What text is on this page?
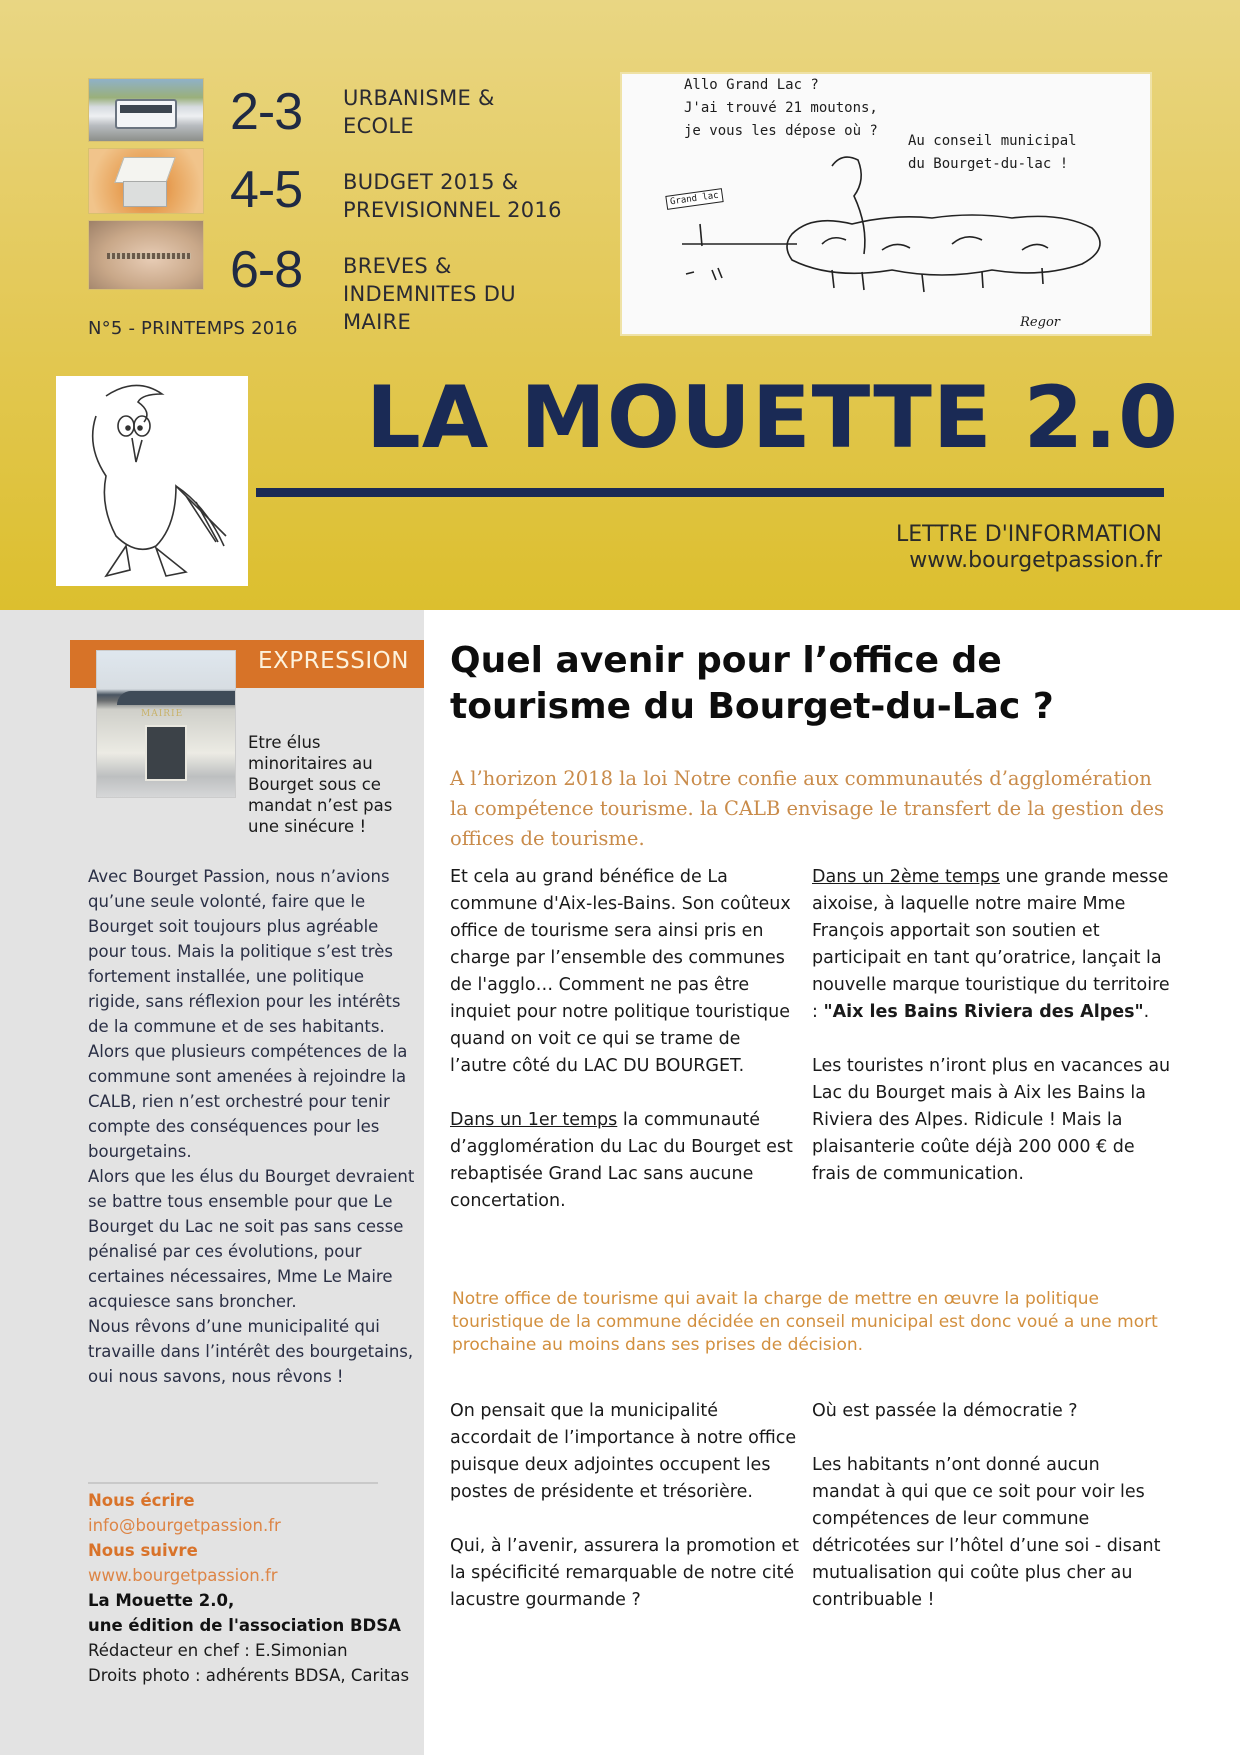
2-3 URBANISME &
ECOLE
4-5 BUDGET 2015 &
PREVISIONNEL 2016
6-8 BREVES &
INDEMNITES DU
MAIRE
N°5 - PRINTEMPS 2016
Allo Grand Lac ?
J'ai trouvé 21 moutons,
je vous les dépose où ?
Au conseil municipal
du Bourget-du-lac !
Grand lac
Regor
LA MOUETTE 2.0
LETTRE D'INFORMATION
www.bourgetpassion.fr
EXPRESSION
MAIRIE
Etre élus minoritaires au Bourget sous ce mandat n’est pas une sinécure !

Avec Bourget Passion, nous n’avions qu’une seule volonté, faire que le Bourget soit toujours plus agréable pour tous. Mais la politique s’est très fortement installée, une politique rigide, sans réflexion pour les intérêts de la commune et de ses habitants. Alors que plusieurs compétences de la commune sont amenées à rejoindre la CALB, rien n’est orchestré pour tenir compte des conséquences pour les bourgetains.

Alors que les élus du Bourget devraient se battre tous ensemble pour que Le Bourget du Lac ne soit pas sans cesse pénalisé par ces évolutions, pour certaines nécessaires, Mme Le Maire acquiesce sans broncher.

Nous rêvons d’une municipalité qui travaille dans l’intérêt des bourgetains, oui nous savons, nous rêvons !

Nous écrire
info@bourgetpassion.fr
Nous suivre
www.bourgetpassion.fr
La Mouette 2.0,
une édition de l'association BDSA
Rédacteur en chef : E.Simonian
Droits photo : adhérents BDSA, Caritas
Quel avenir pour l’office de tourisme du Bourget-du-Lac ?
A l’horizon 2018 la loi Notre confie aux communautés d’agglomération la compétence tourisme. la CALB envisage le transfert de la gestion des offices de tourisme.

Et cela au grand bénéfice de La commune d'Aix-les-Bains. Son coûteux office de tourisme sera ainsi pris en charge par l’ensemble des communes de l'agglo… Comment ne pas être inquiet pour notre politique touristique quand on voit ce qui se trame de l’autre côté du LAC DU BOURGET.

Dans un 1er temps la communauté d’agglomération du Lac du Bourget est rebaptisée Grand Lac sans aucune concertation.

Dans un 2ème temps une grande messe aixoise, à laquelle notre maire Mme François apportait son soutien et participait en tant qu’oratrice, lançait la nouvelle marque touristique du territoire : "Aix les Bains Riviera des Alpes".

Les touristes n’iront plus en vacances au Lac du Bourget mais à Aix les Bains la Riviera des Alpes. Ridicule ! Mais la plaisanterie coûte déjà 200 000 € de frais de communication.

Notre office de tourisme qui avait la charge de mettre en œuvre la politique touristique de la commune décidée en conseil municipal est donc voué a une mort prochaine au moins dans ses prises de décision.

On pensait que la municipalité accordait de l’importance à notre office puisque deux adjointes occupent les postes de présidente et trésorière.

Qui, à l’avenir, assurera la promotion et la spécificité remarquable de notre cité lacustre gourmande ?

Où est passée la démocratie ?

Les habitants n’ont donné aucun mandat à qui que ce soit pour voir les compétences de leur commune détricotées sur l’hôtel d’une soi - disant mutualisation qui coûte plus cher au contribuable !
